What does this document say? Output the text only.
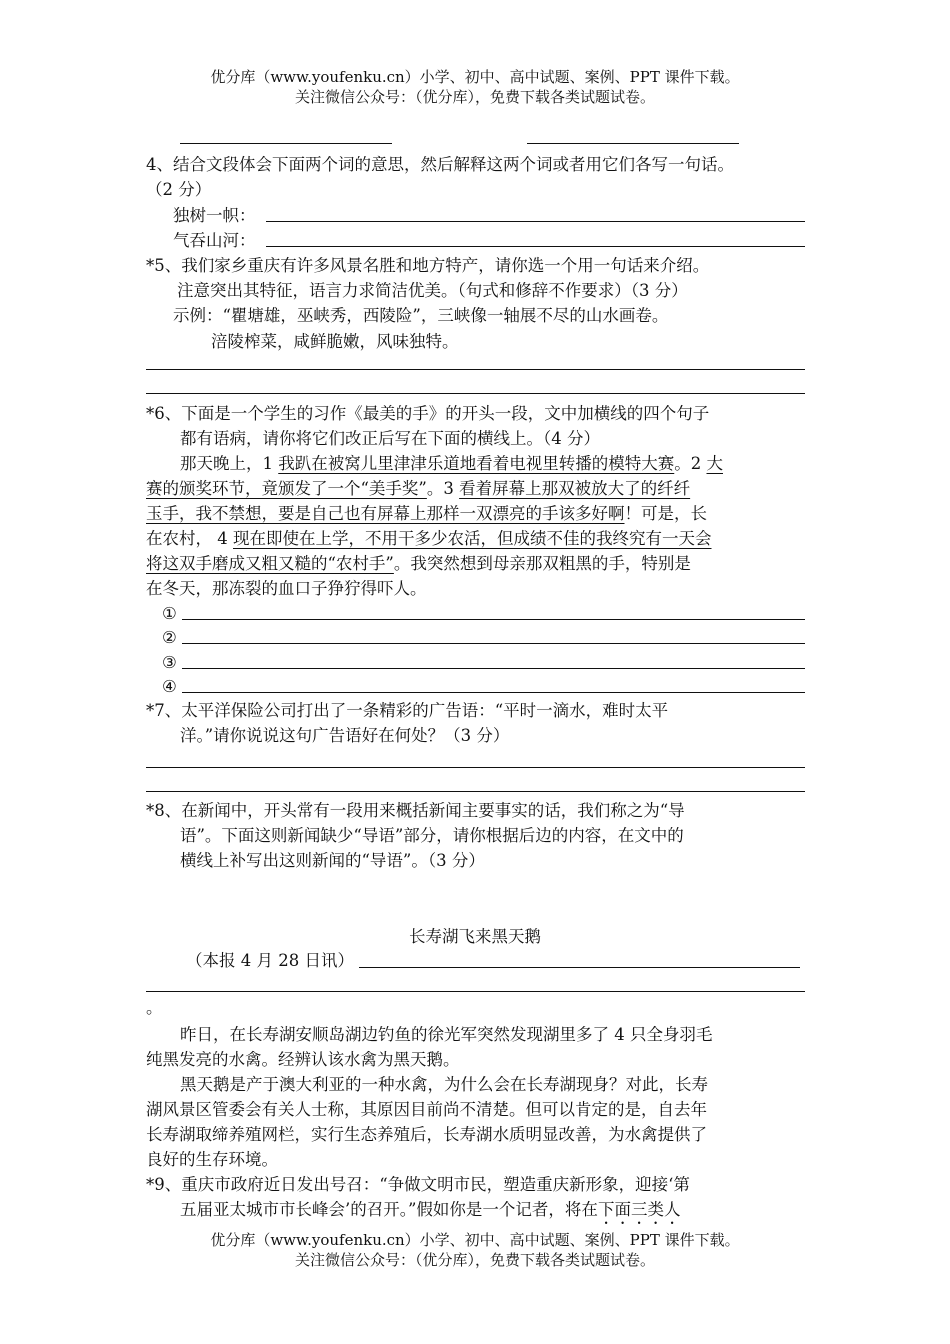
优分库（www.youfenku.cn）小学、初中、高中试题、案例、PPT 课件下载。
关注微信公众号：（优分库），免费下载各类试题试卷。
4、结合文段体会下面两个词的意思，然后解释这两个词或者用它们各写一句话。
（2 分）
独树一帜：
气吞山河：
*5、我们家乡重庆有许多风景名胜和地方特产，请你选一个用一句话来介绍。
注意突出其特征，语言力求简洁优美。（句式和修辞不作要求）（3 分）
示例：“瞿塘雄，巫峡秀，西陵险”，三峡像一轴展不尽的山水画卷。
涪陵榨菜，咸鲜脆嫩，风味独特。
*6、下面是一个学生的习作《最美的手》的开头一段，文中加横线的四个句子
都有语病，请你将它们改正后写在下面的横线上。（4 分）
那天晚上，1 我趴在被窝儿里津津乐道地看着电视里转播的模特大赛。2 大
赛的颁奖环节，竟颁发了一个“美手奖”。3 看着屏幕上那双被放大了的纤纤
玉手，我不禁想，要是自己也有屏幕上那样一双漂亮的手该多好啊！可是，长
在农村， 4 现在即使在上学，不用干多少农活，但成绩不佳的我终究有一天会
将这双手磨成又粗又糙的“农村手”。我突然想到母亲那双粗黑的手，特别是
在冬天，那冻裂的血口子狰狞得吓人。
①
②
③
④
*7、太平洋保险公司打出了一条精彩的广告语：“平时一滴水，难时太平
洋。”请你说说这句广告语好在何处？（3 分）
*8、在新闻中，开头常有一段用来概括新闻主要事实的话，我们称之为“导
语”。下面这则新闻缺少“导语”部分，请你根据后边的内容，在文中的
横线上补写出这则新闻的“导语”。（3 分）
长寿湖飞来黑天鹅
（本报 4 月 28 日讯）
。
昨日，在长寿湖安顺岛湖边钓鱼的徐光军突然发现湖里多了 4 只全身羽毛
纯黑发亮的水禽。经辨认该水禽为黑天鹅。
黑天鹅是产于澳大利亚的一种水禽，为什么会在长寿湖现身？对此，长寿
湖风景区管委会有关人士称，其原因目前尚不清楚。但可以肯定的是，自去年
长寿湖取缔养殖网栏，实行生态养殖后，长寿湖水质明显改善，为水禽提供了
良好的生存环境。
*9、重庆市政府近日发出号召：“争做文明市民，塑造重庆新形象，迎接‘第
五届亚太城市市长峰会’的召开。”假如你是一个记者，将在下面三类人
优分库（www.youfenku.cn）小学、初中、高中试题、案例、PPT 课件下载。
关注微信公众号：（优分库），免费下载各类试题试卷。
